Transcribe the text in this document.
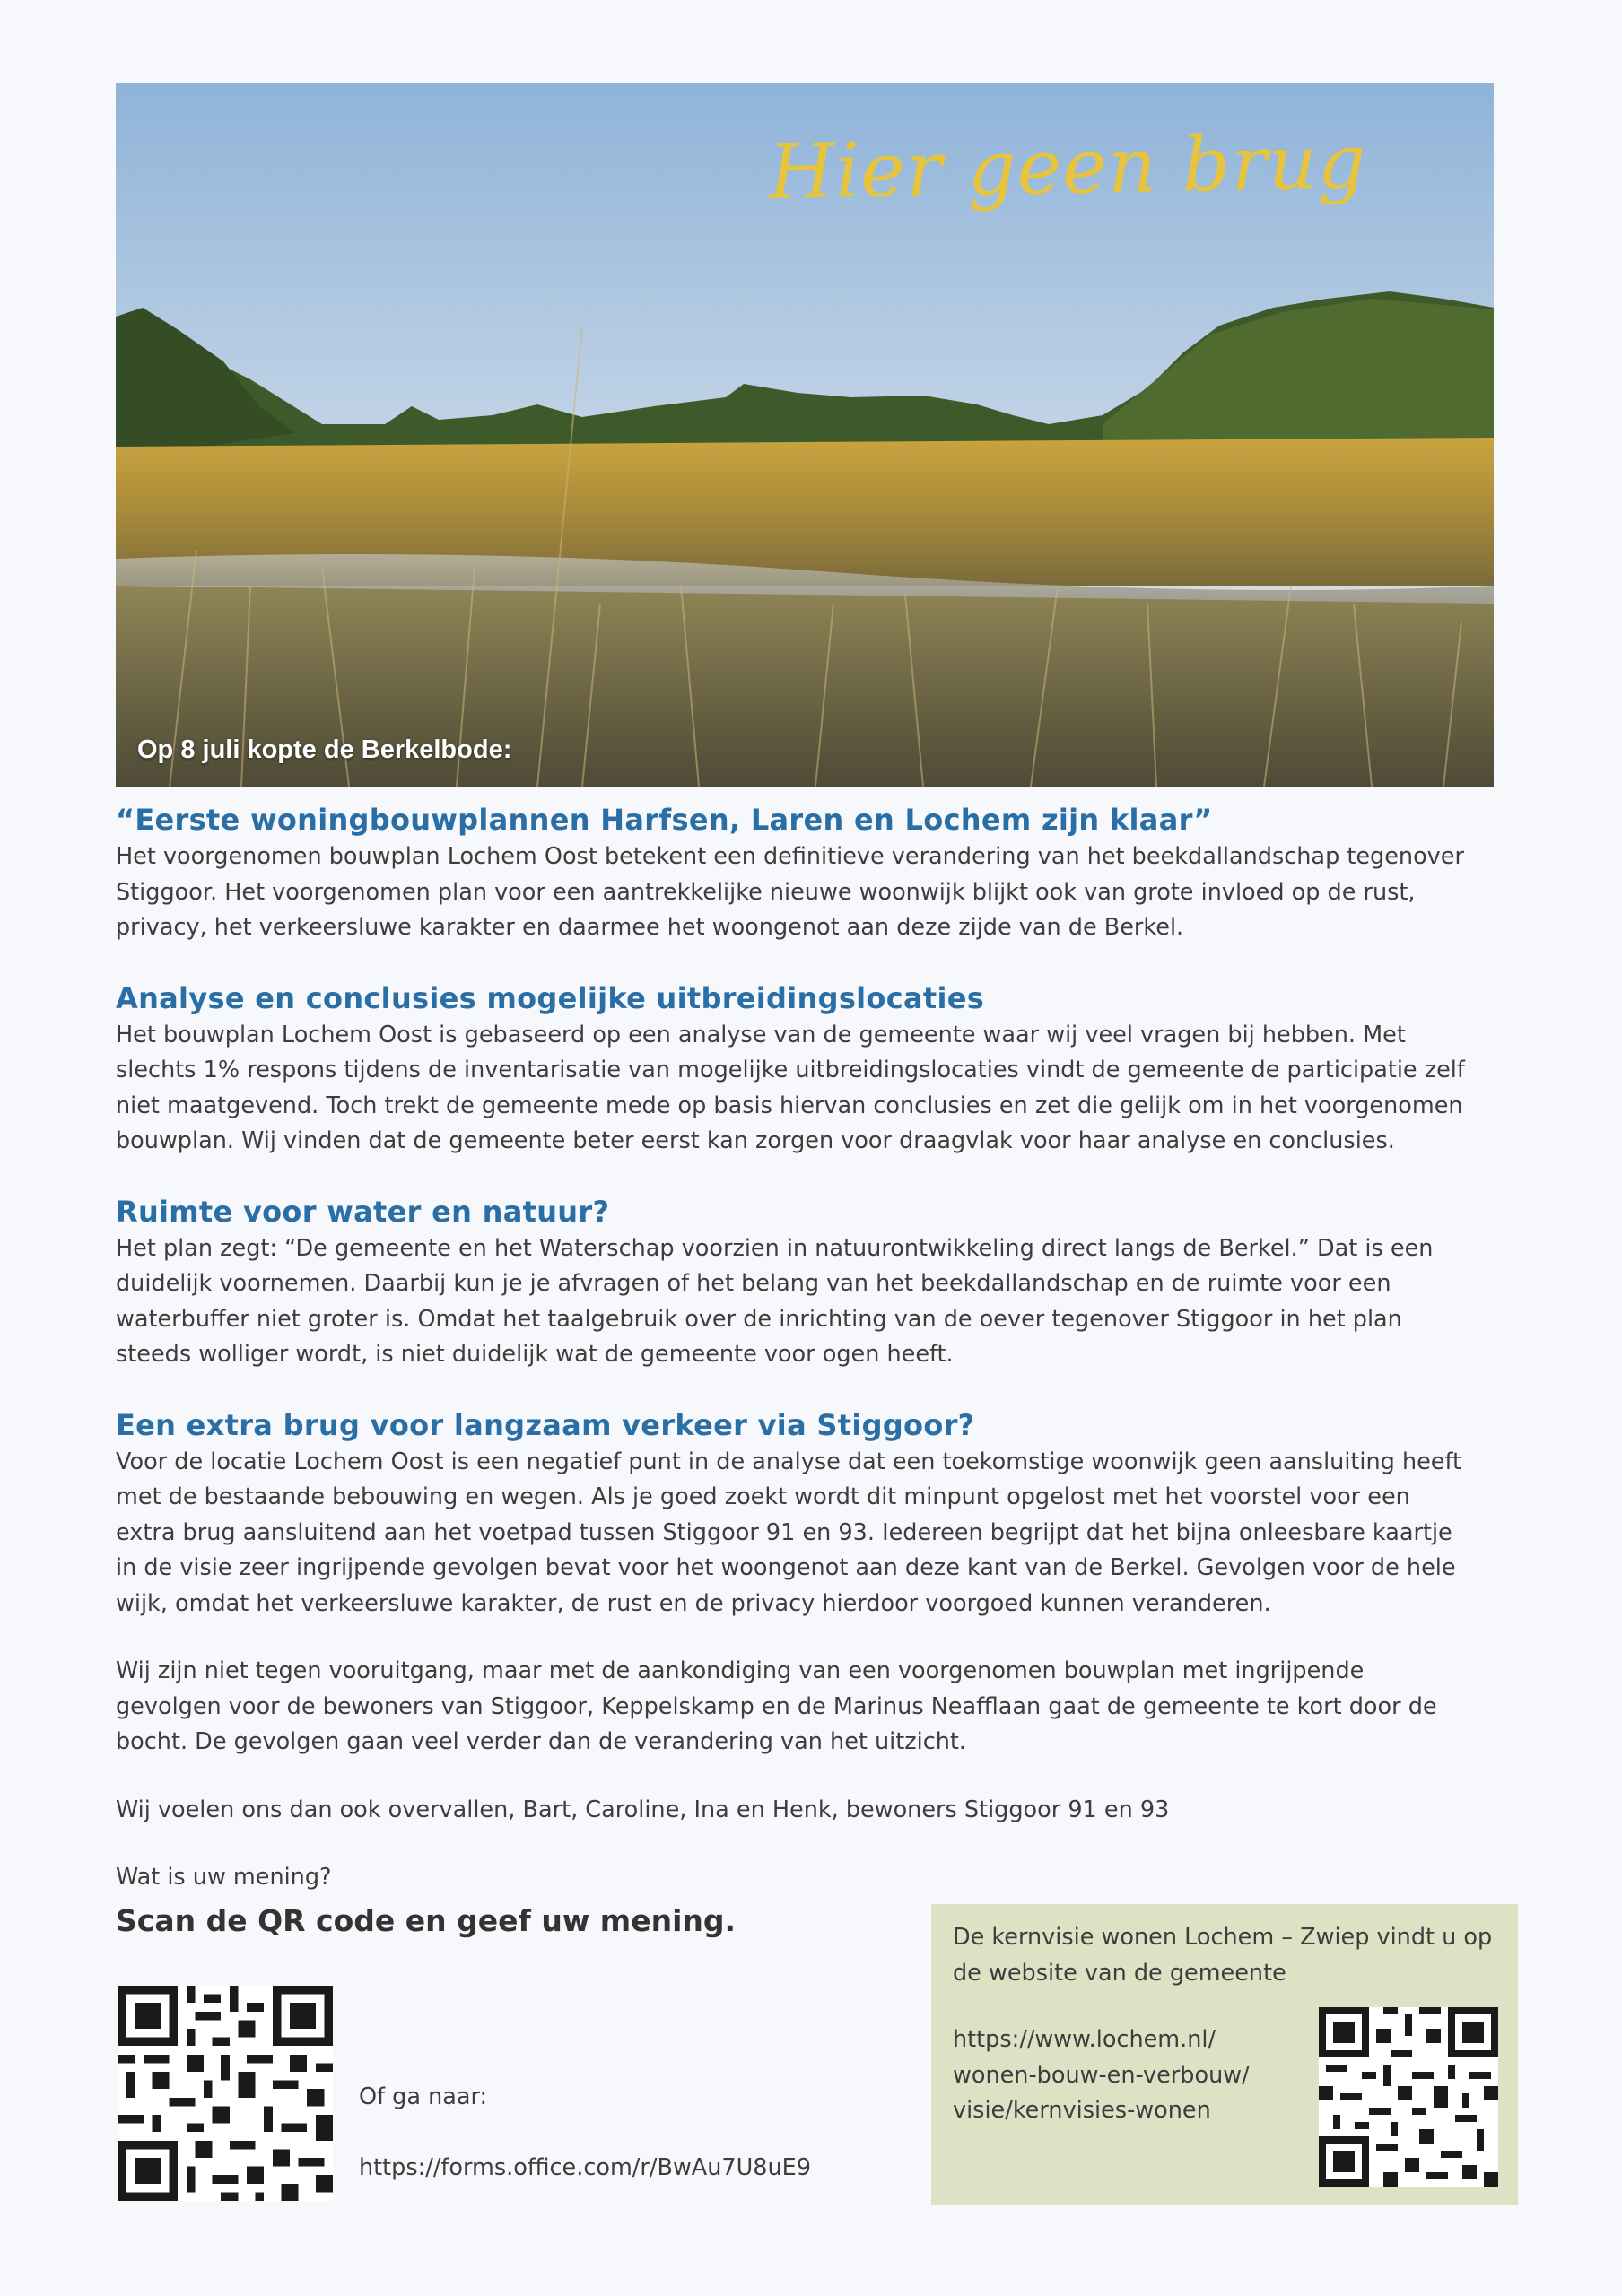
Hier geen brug
Op 8 juli kopte de Berkelbode:
“Eerste woningbouwplannen Harfsen, Laren en Lochem zijn klaar”
Het voorgenomen bouwplan Lochem Oost betekent een definitieve verandering van het beekdallandschap tegenover
Stiggoor. Het voorgenomen plan voor een aantrekkelijke nieuwe woonwijk blijkt ook van grote invloed op de rust,
privacy, het verkeersluwe karakter en daarmee het woongenot aan deze zijde van de Berkel.
Analyse en conclusies mogelijke uitbreidingslocaties
Het bouwplan Lochem Oost is gebaseerd op een analyse van de gemeente waar wij veel vragen bij hebben. Met
slechts 1% respons tijdens de inventarisatie van mogelijke uitbreidingslocaties vindt de gemeente de participatie zelf
niet maatgevend. Toch trekt de gemeente mede op basis hiervan conclusies en zet die gelijk om in het voorgenomen
bouwplan. Wij vinden dat de gemeente beter eerst kan zorgen voor draagvlak voor haar analyse en conclusies.
Ruimte voor water en natuur?
Het plan zegt: “De gemeente en het Waterschap voorzien in natuurontwikkeling direct langs de Berkel.” Dat is een
duidelijk voornemen. Daarbij kun je je afvragen of het belang van het beekdallandschap en de ruimte voor een
waterbuffer niet groter is. Omdat het taalgebruik over de inrichting van de oever tegenover Stiggoor in het plan
steeds wolliger wordt, is niet duidelijk wat de gemeente voor ogen heeft.
Een extra brug voor langzaam verkeer via Stiggoor?
Voor de locatie Lochem Oost is een negatief punt in de analyse dat een toekomstige woonwijk geen aansluiting heeft
met de bestaande bebouwing en wegen. Als je goed zoekt wordt dit minpunt opgelost met het voorstel voor een
extra brug aansluitend aan het voetpad tussen Stiggoor 91 en 93. Iedereen begrijpt dat het bijna onleesbare kaartje
in de visie zeer ingrijpende gevolgen bevat voor het woongenot aan deze kant van de Berkel. Gevolgen voor de hele
wijk, omdat het verkeersluwe karakter, de rust en de privacy hierdoor voorgoed kunnen veranderen.
Wij zijn niet tegen vooruitgang, maar met de aankondiging van een voorgenomen bouwplan met ingrijpende
gevolgen voor de bewoners van Stiggoor, Keppelskamp en de Marinus Neafflaan gaat de gemeente te kort door de
bocht. De gevolgen gaan veel verder dan de verandering van het uitzicht.
Wij voelen ons dan ook overvallen, Bart, Caroline, Ina en Henk, bewoners Stiggoor 91 en 93
Wat is uw mening?
Scan de QR code en geef uw mening.
Of ga naar:
https://forms.office.com/r/BwAu7U8uE9
De kernvisie wonen Lochem – Zwiep vindt u op de website van de gemeente
https://www.lochem.nl/ wonen-bouw-en-verbouw/ visie/kernvisies-wonen
